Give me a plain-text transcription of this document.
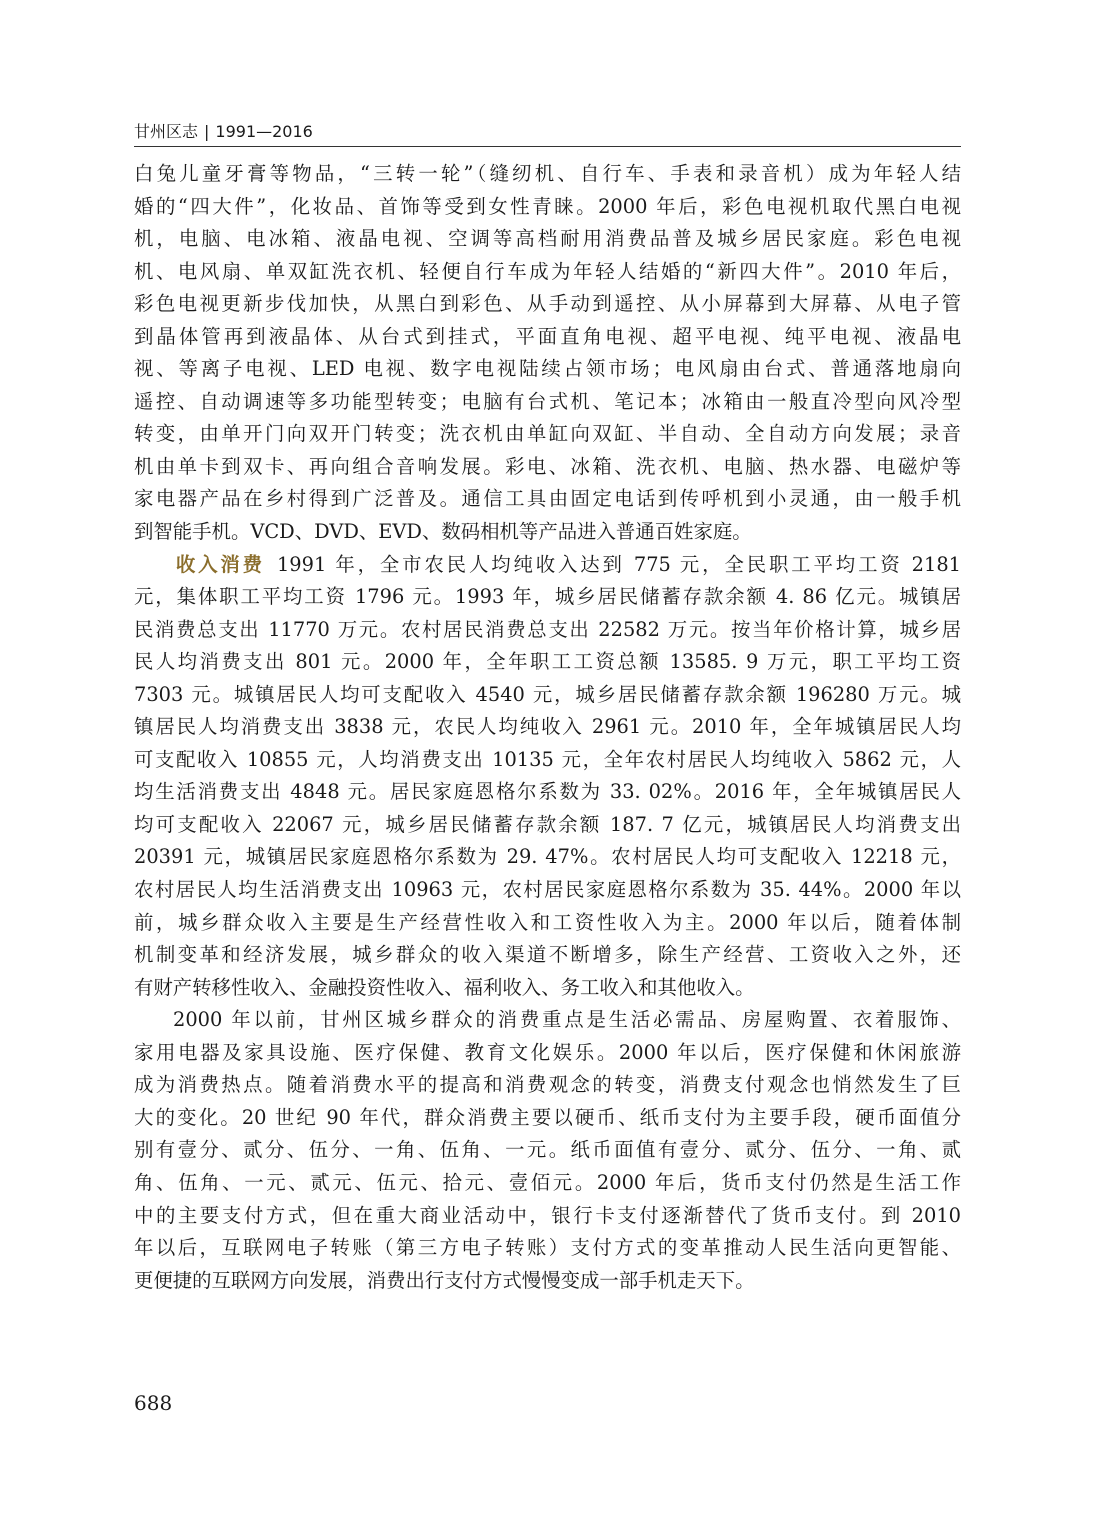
甘州区志 | 1991—2016
白兔儿童牙膏等物品，“三转一轮”（缝纫机、自行车、手表和录音机）成为年轻人结
婚的“四大件”，化妆品、首饰等受到女性青睐。2000 年后，彩色电视机取代黑白电视
机，电脑、电冰箱、液晶电视、空调等高档耐用消费品普及城乡居民家庭。彩色电视
机、电风扇、单双缸洗衣机、轻便自行车成为年轻人结婚的“新四大件”。2010 年后，
彩色电视更新步伐加快，从黑白到彩色、从手动到遥控、从小屏幕到大屏幕、从电子管
到晶体管再到液晶体、从台式到挂式，平面直角电视、超平电视、纯平电视、液晶电
视、等离子电视、LED 电视、数字电视陆续占领市场；电风扇由台式、普通落地扇向
遥控、自动调速等多功能型转变；电脑有台式机、笔记本；冰箱由一般直冷型向风冷型
转变，由单开门向双开门转变；洗衣机由单缸向双缸、半自动、全自动方向发展；录音
机由单卡到双卡、再向组合音响发展。彩电、冰箱、洗衣机、电脑、热水器、电磁炉等
家电器产品在乡村得到广泛普及。通信工具由固定电话到传呼机到小灵通，由一般手机
到智能手机。VCD、DVD、EVD、数码相机等产品进入普通百姓家庭。
收入消费 1991 年，全市农民人均纯收入达到 775 元，全民职工平均工资 2181
元，集体职工平均工资 1796 元。1993 年，城乡居民储蓄存款余额 4. 86 亿元。城镇居
民消费总支出 11770 万元。农村居民消费总支出 22582 万元。按当年价格计算，城乡居
民人均消费支出 801 元。2000 年，全年职工工资总额 13585. 9 万元，职工平均工资
7303 元。城镇居民人均可支配收入 4540 元，城乡居民储蓄存款余额 196280 万元。城
镇居民人均消费支出 3838 元，农民人均纯收入 2961 元。2010 年，全年城镇居民人均
可支配收入 10855 元，人均消费支出 10135 元，全年农村居民人均纯收入 5862 元，人
均生活消费支出 4848 元。居民家庭恩格尔系数为 33. 02%。2016 年，全年城镇居民人
均可支配收入 22067 元，城乡居民储蓄存款余额 187. 7 亿元，城镇居民人均消费支出
20391 元，城镇居民家庭恩格尔系数为 29. 47%。农村居民人均可支配收入 12218 元，
农村居民人均生活消费支出 10963 元，农村居民家庭恩格尔系数为 35. 44%。2000 年以
前，城乡群众收入主要是生产经营性收入和工资性收入为主。2000 年以后，随着体制
机制变革和经济发展，城乡群众的收入渠道不断增多，除生产经营、工资收入之外，还
有财产转移性收入、金融投资性收入、福利收入、务工收入和其他收入。
2000 年以前，甘州区城乡群众的消费重点是生活必需品、房屋购置、衣着服饰、
家用电器及家具设施、医疗保健、教育文化娱乐。2000 年以后，医疗保健和休闲旅游
成为消费热点。随着消费水平的提高和消费观念的转变，消费支付观念也悄然发生了巨
大的变化。20 世纪 90 年代，群众消费主要以硬币、纸币支付为主要手段，硬币面值分
别有壹分、贰分、伍分、一角、伍角、一元。纸币面值有壹分、贰分、伍分、一角、贰
角、伍角、一元、贰元、伍元、拾元、壹佰元。2000 年后，货币支付仍然是生活工作
中的主要支付方式，但在重大商业活动中，银行卡支付逐渐替代了货币支付。到 2010
年以后，互联网电子转账（第三方电子转账）支付方式的变革推动人民生活向更智能、
更便捷的互联网方向发展，消费出行支付方式慢慢变成一部手机走天下。
688
